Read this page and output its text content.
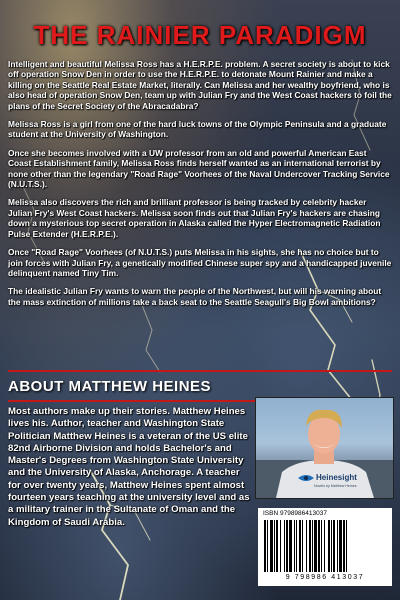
THE RAINIER PARADIGM

Intelligent and beautiful Melissa Ross has a H.E.R.P.E. problem. A secret society is about to kick off operation Snow Den in order to use the H.E.R.P.E. to detonate Mount Rainier and make a killing on the Seattle Real Estate Market, literally. Can Melissa and her wealthy boyfriend, who is also head of operation Snow Den, team up with Julian Fry and the West Coast hackers to foil the plans of the Secret Society of the Abracadabra?

Melissa Ross is a girl from one of the hard luck towns of the Olympic Peninsula and a graduate student at the University of Washington.

Once she becomes involved with a UW professor from an old and powerful American East Coast Establishment family, Melissa Ross finds herself wanted as an international terrorist by none other than the legendary "Road Rage" Voorhees of the Naval Undercover Tracking Service (N.U.T.S.).

Melissa also discovers the rich and brilliant professor is being tracked by celebrity hacker Julian Fry's West Coast hackers. Melissa soon finds out that Julian Fry's hackers are chasing down a mysterious top secret operation in Alaska called the Hyper Electromagnetic Radiation Pulse Extender (H.E.R.P.E.).

Once "Road Rage" Voorhees (of N.U.T.S.) puts Melissa in his sights, she has no choice but to join forces with Julian Fry, a genetically modified Chinese super spy and a handicapped juvenile delinquent named Tiny Tim.

The idealistic Julian Fry wants to warn the people of the Northwest, but will his warning about the mass extinction of millions take a back seat to the Seattle Seagull's Big Bowl ambitions?

ABOUT MATTHEW HEINES

Most authors make up their stories. Matthew Heines lives his. Author, teacher and Washington State Politician Matthew Heines is a veteran of the US elite 82nd Airborne Division and holds Bachelor's and Master's Degrees from Washington State University and the University of Alaska, Anchorage. A teacher for over twenty years, Matthew Heines spent almost fourteen years teaching at the university level and as a military trainer in the Sultanate of Oman and the Kingdom of Saudi Arabia.

Heinesight
Novels by Matthew Heines
ISBN 9798986413037
9 798986 413037
